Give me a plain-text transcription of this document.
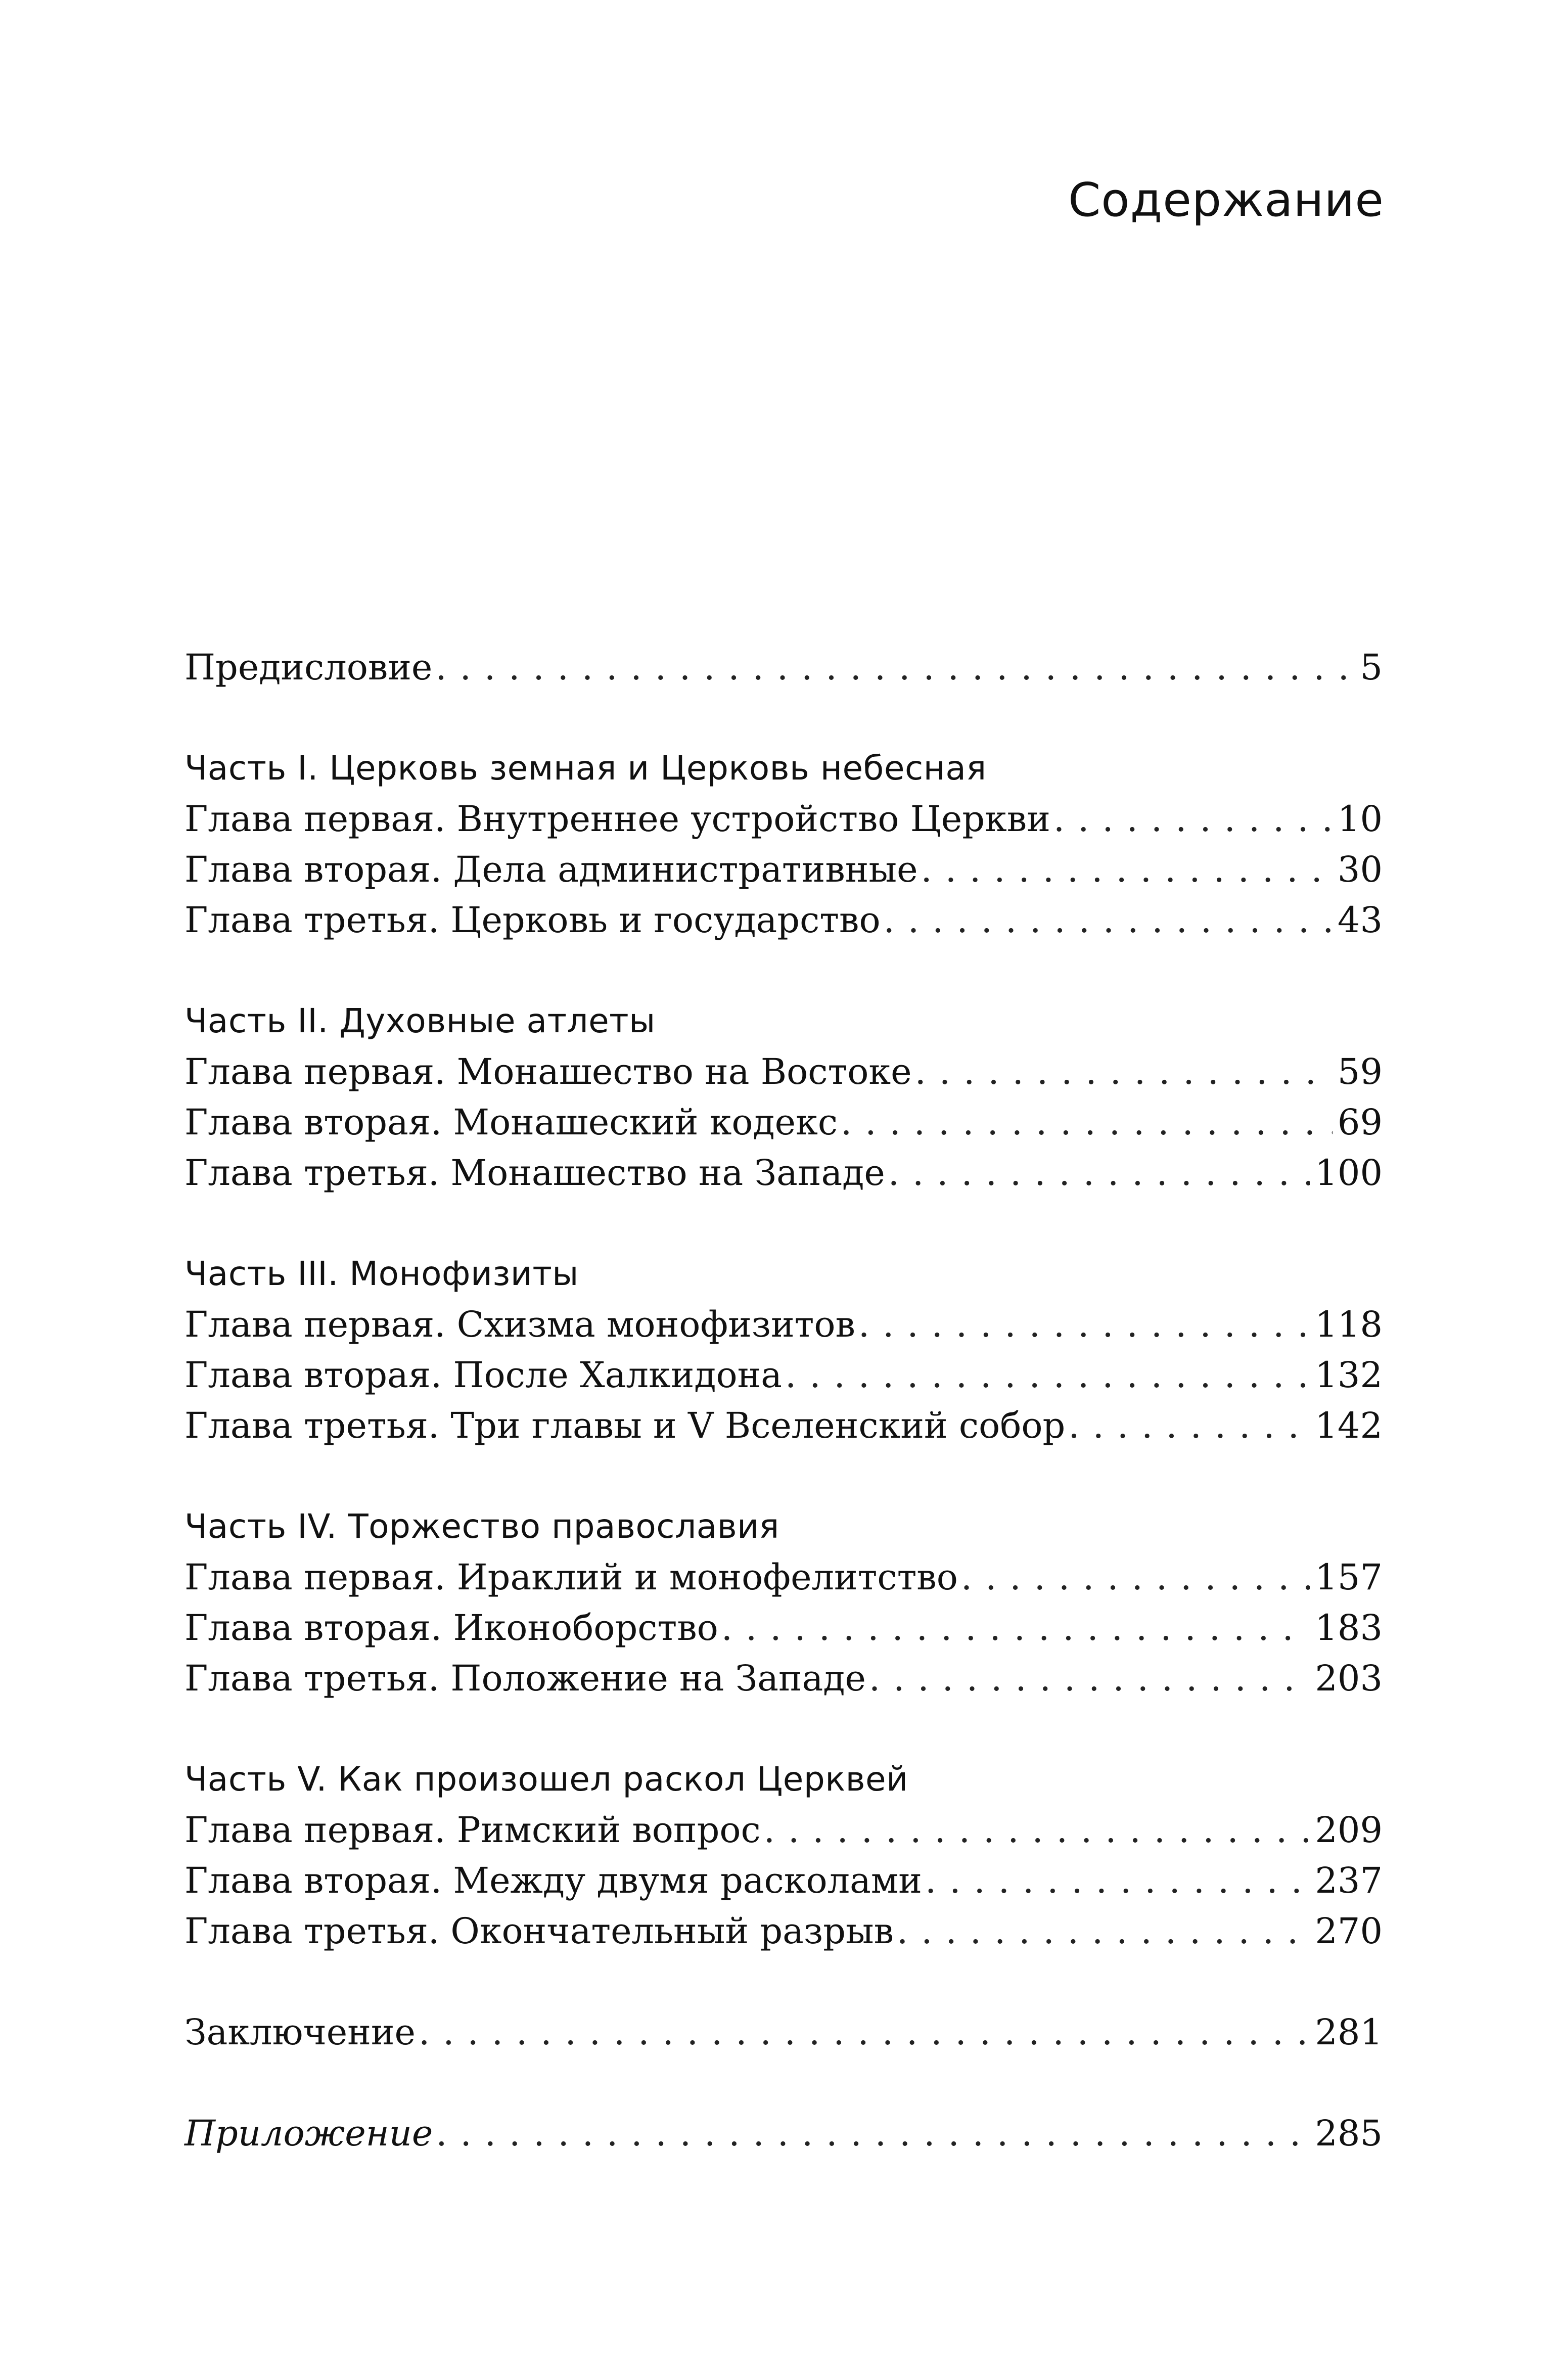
Содержание
Предисловие .....	5
Часть I. Церковь земная и Церковь небесная
Глава первая. Внутреннее устройство Церкви .....	10
Глава вторая. Дела административные .....	30
Глава третья. Церковь и государство .....	43
Часть II. Духовные атлеты
Глава первая. Монашество на Востоке .....	59
Глава вторая. Монашеский кодекс .....	69
Глава третья. Монашество на Западе .....	100
Часть III. Монофизиты
Глава первая. Схизма монофизитов .....	118
Глава вторая. После Халкидона .....	132
Глава третья. Три главы и V Вселенский собор .....	142
Часть IV. Торжество православия
Глава первая. Ираклий и монофелитство .....	157
Глава вторая. Иконоборство .....	183
Глава третья. Положение на Западе .....	203
Часть V. Как произошел раскол Церквей
Глава первая. Римский вопрос .....	209
Глава вторая. Между двумя расколами .....	237
Глава третья. Окончательный разрыв .....	270
Заключение .....	281
Приложение .....	285
